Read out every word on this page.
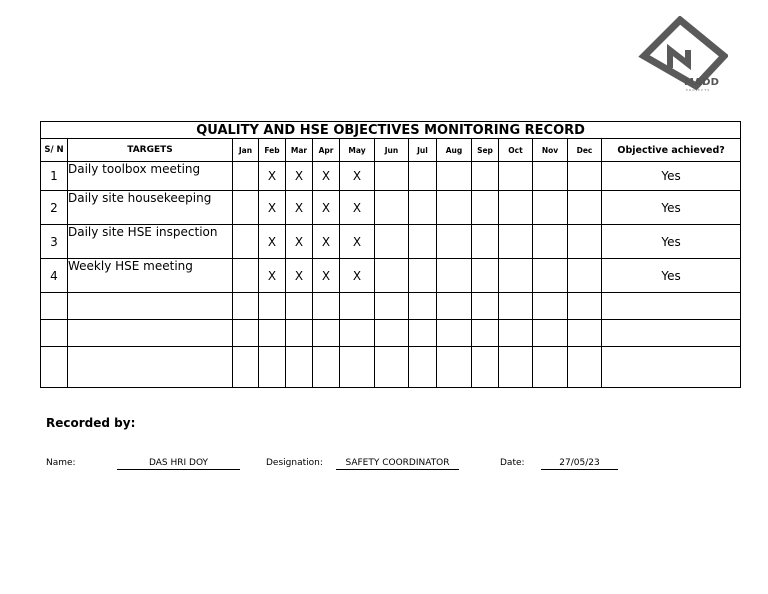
MADD
PROJECTS
QUALITY AND HSE OBJECTIVES MONITORING RECORD														
S/ N	TARGETS	Jan	Feb	Mar	Apr	May	Jun	Jul	Aug	Sep	Oct	Nov	Dec	Objective achieved?
1	Daily toolbox meeting		X	X	X	X								Yes
2	Daily site housekeeping		X	X	X	X								Yes
3	Daily site HSE inspection		X	X	X	X								Yes
4	Weekly HSE meeting		X	X	X	X								Yes

Recorded by:
Name:	DAS HRI DOY	Designation:	SAFETY COORDINATOR	Date:	27/05/23
